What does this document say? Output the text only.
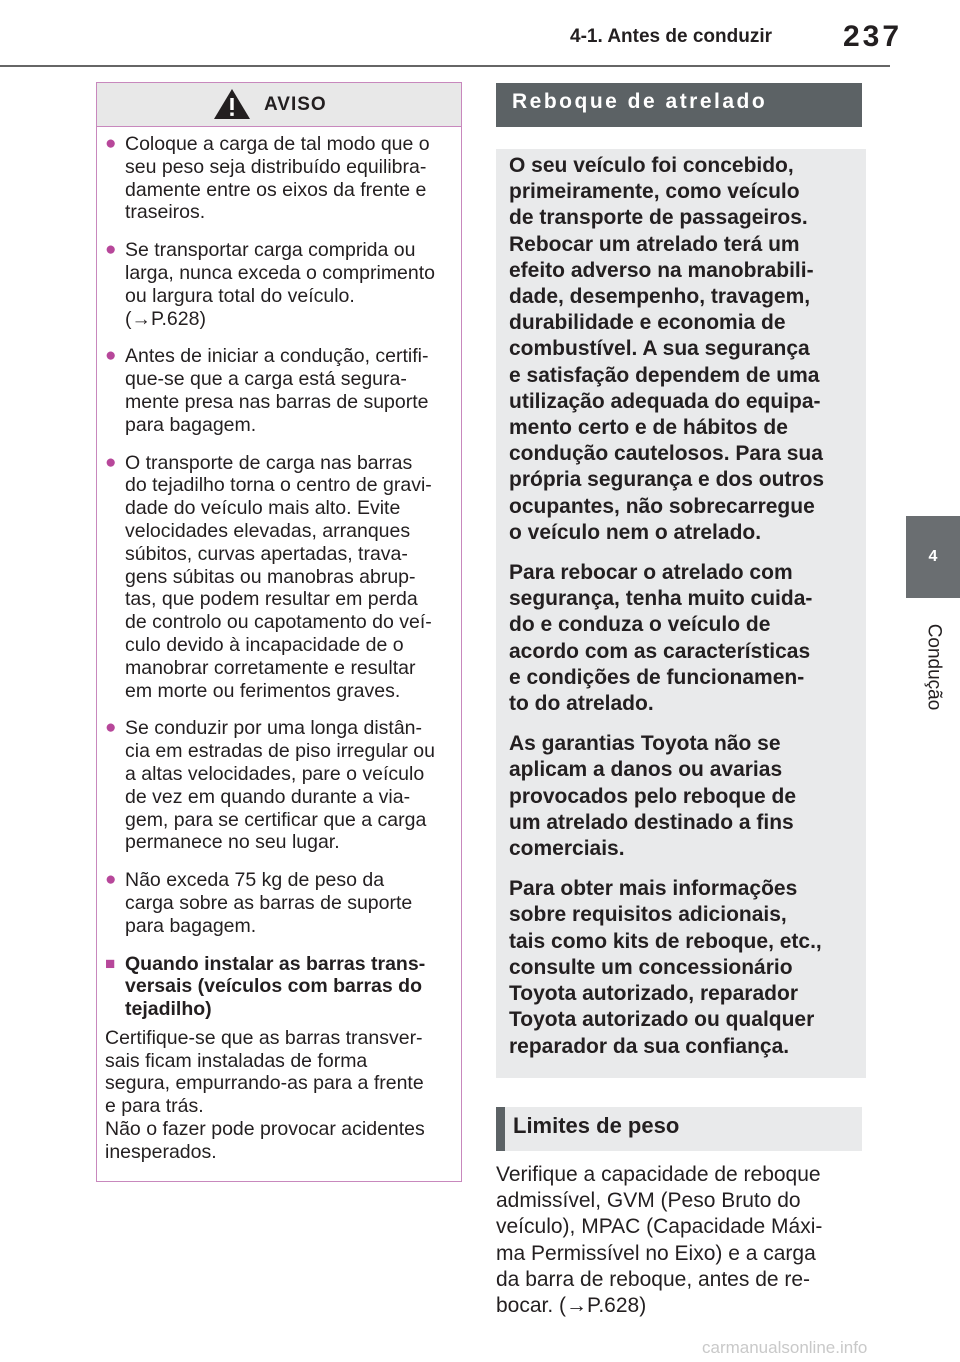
4-1. Antes de conduzir 237
4
Condução
AVISO
● Coloque a carga de tal modo que o
seu peso seja distribuído equilibra-
damente entre os eixos da frente e
traseiros.
● Se transportar carga comprida ou
larga, nunca exceda o comprimento
ou largura total do veículo.
(→P.628)
● Antes de iniciar a condução, certifi-
que-se que a carga está segura-
mente presa nas barras de suporte
para bagagem.
● O transporte de carga nas barras
do tejadilho torna o centro de gravi-
dade do veículo mais alto. Evite
velocidades elevadas, arranques
súbitos, curvas apertadas, trava-
gens súbitas ou manobras abrup-
tas, que podem resultar em perda
de controlo ou capotamento do veí-
culo devido à incapacidade de o
manobrar corretamente e resultar
em morte ou ferimentos graves.
● Se conduzir por uma longa distân-
cia em estradas de piso irregular ou
a altas velocidades, pare o veículo
de vez em quando durante a via-
gem, para se certificar que a carga
permanece no seu lugar.
● Não exceda 75 kg de peso da
carga sobre as barras de suporte
para bagagem.
■ Quando instalar as barras trans-
versais (veículos com barras do
tejadilho)
Certifique-se que as barras transver-
sais ficam instaladas de forma
segura, empurrando-as para a frente
e para trás.
Não o fazer pode provocar acidentes
inesperados.
Reboque de atrelado

O seu veículo foi concebido,
primeiramente, como veículo
de transporte de passageiros.
Rebocar um atrelado terá um
efeito adverso na manobrabili-
dade, desempenho, travagem,
durabilidade e economia de
combustível. A sua segurança
e satisfação dependem de uma
utilização adequada do equipa-
mento certo e de hábitos de
condução cautelosos. Para sua
própria segurança e dos outros
ocupantes, não sobrecarregue
o veículo nem o atrelado.

Para rebocar o atrelado com
segurança, tenha muito cuida-
do e conduza o veículo de
acordo com as características
e condições de funcionamen-
to do atrelado.

As garantias Toyota não se
aplicam a danos ou avarias
provocados pelo reboque de
um atrelado destinado a fins
comerciais.

Para obter mais informações
sobre requisitos adicionais,
tais como kits de reboque, etc.,
consulte um concessionário
Toyota autorizado, reparador
Toyota autorizado ou qualquer
reparador da sua confiança.

Limites de peso
Verifique a capacidade de reboque
admissível, GVM (Peso Bruto do
veículo), MPAC (Capacidade Máxi-
ma Permissível no Eixo) e a carga
da barra de reboque, antes de re-
bocar. (→P.628)
carmanualsonline.info
